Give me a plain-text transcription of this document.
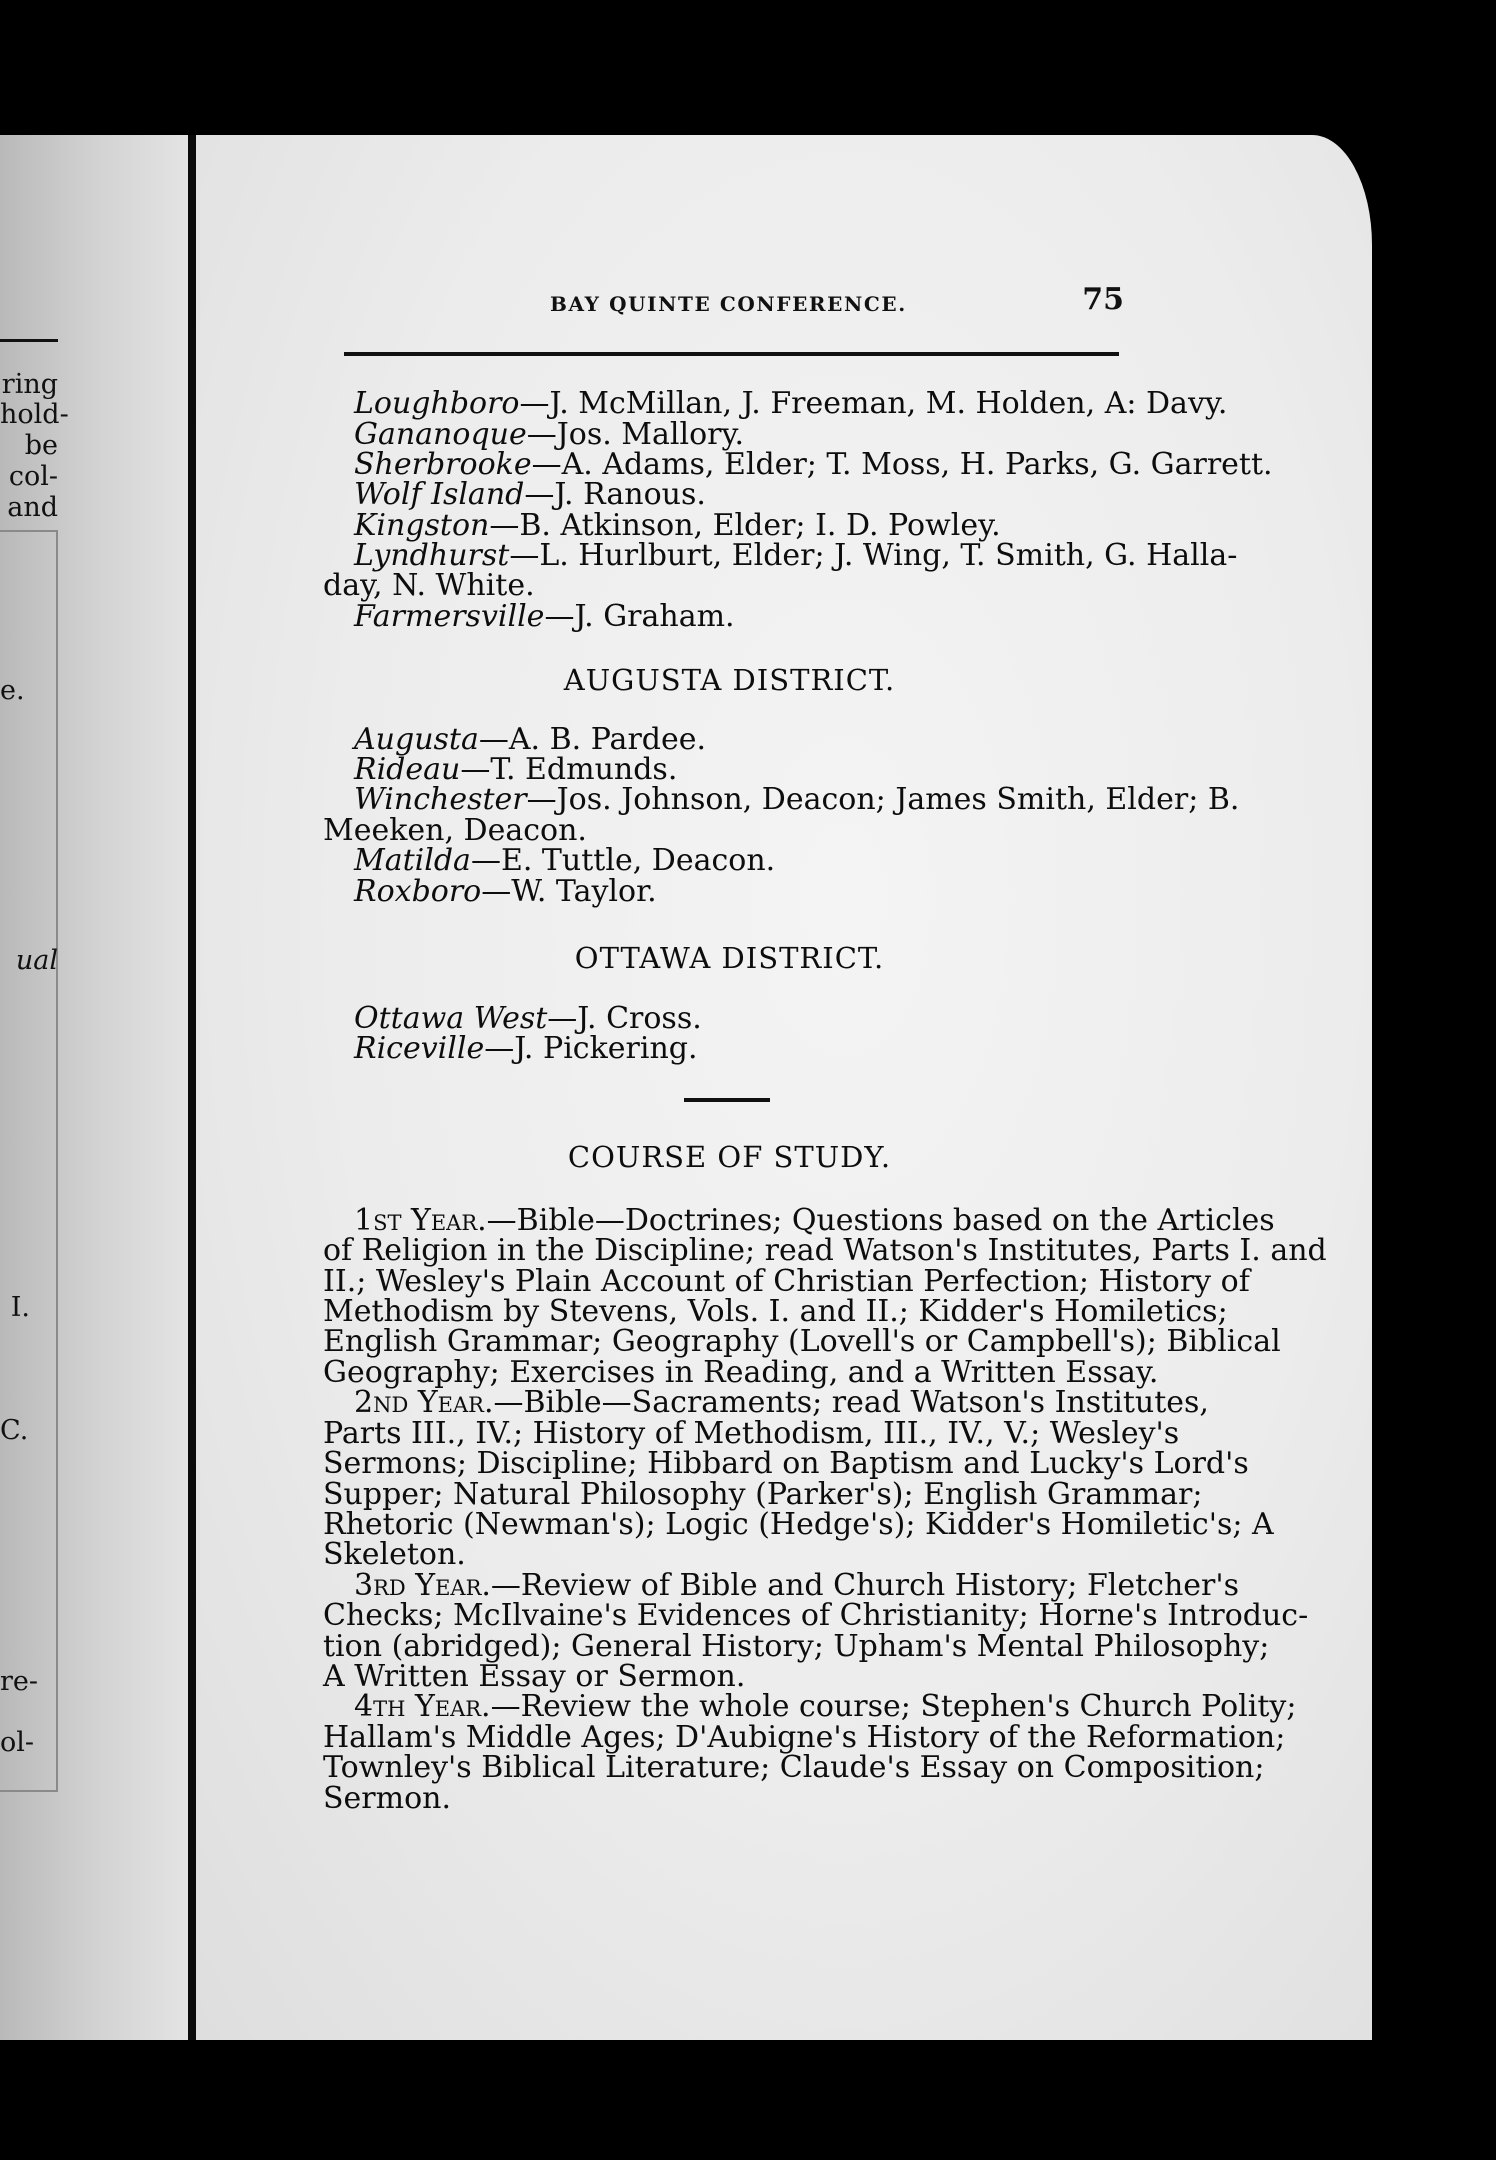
ring
hold-
be
col-
and
e.
ual
I.
C.
re-
ol-
BAY QUINTE CONFERENCE.	75
Loughboro—J. McMillan, J. Freeman, M. Holden, A: Davy.
Gananoque—Jos. Mallory.
Sherbrooke—A. Adams, Elder; T. Moss, H. Parks, G. Garrett.
Wolf Island—J. Ranous.
Kingston—B. Atkinson, Elder; I. D. Powley.
Lyndhurst—L. Hurlburt, Elder; J. Wing, T. Smith, G. Halla-
day, N. White.
Farmersville—J. Graham.
AUGUSTA DISTRICT.
Augusta—A. B. Pardee.
Rideau—T. Edmunds.
Winchester—Jos. Johnson, Deacon; James Smith, Elder; B.
Meeken, Deacon.
Matilda—E. Tuttle, Deacon.
Roxboro—W. Taylor.
OTTAWA DISTRICT.
Ottawa West—J. Cross.
Riceville—J. Pickering.
COURSE OF STUDY.
1st Year.—Bible—Doctrines; Questions based on the Articles
of Religion in the Discipline; read Watson's Institutes, Parts I. and
II.; Wesley's Plain Account of Christian Perfection; History of
Methodism by Stevens, Vols. I. and II.; Kidder's Homiletics;
English Grammar; Geography (Lovell's or Campbell's); Biblical
Geography; Exercises in Reading, and a Written Essay.
2nd Year.—Bible—Sacraments; read Watson's Institutes,
Parts III., IV.; History of Methodism, III., IV., V.; Wesley's
Sermons; Discipline; Hibbard on Baptism and Lucky's Lord's
Supper; Natural Philosophy (Parker's); English Grammar;
Rhetoric (Newman's); Logic (Hedge's); Kidder's Homiletic's; A
Skeleton.
3rd Year.—Review of Bible and Church History; Fletcher's
Checks; McIlvaine's Evidences of Christianity; Horne's Introduc-
tion (abridged); General History; Upham's Mental Philosophy;
A Written Essay or Sermon.
4th Year.—Review the whole course; Stephen's Church Polity;
Hallam's Middle Ages; D'Aubigne's History of the Reformation;
Townley's Biblical Literature; Claude's Essay on Composition;
Sermon.
